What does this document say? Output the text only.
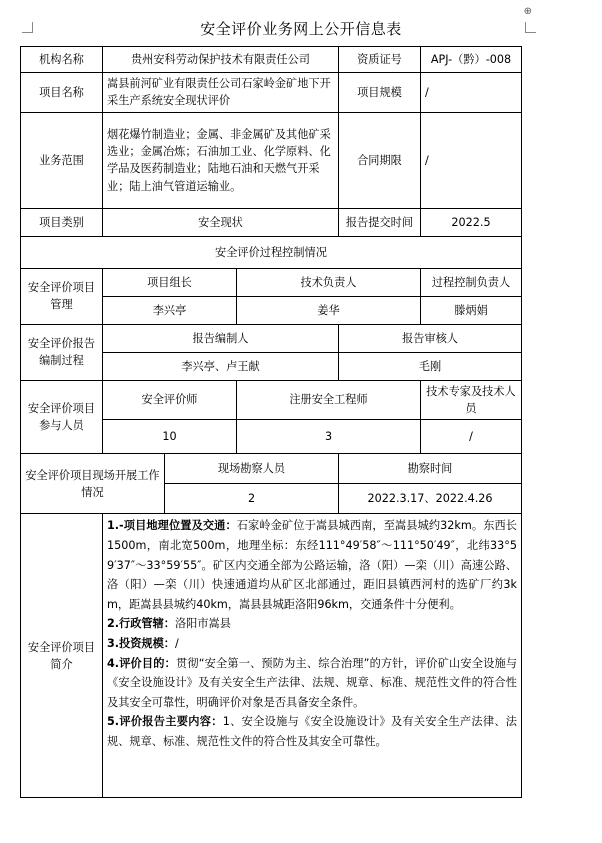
⊕
安全评价业务网上公开信息表
机构名称	贵州安科劳动保护技术有限责任公司			资质证号	APJ-（黔）-008
项目名称	嵩县前河矿业有限责任公司石家岭金矿地下开采生产系统安全现状评价			项目规模	/
业务范围	烟花爆竹制造业；金属、非金属矿及其他矿采选业；金属冶炼；石油加工业、化学原料、化学品及医药制造业；陆地石油和天燃气开采业；陆上油气管道运输业。			合同期限	/
项目类别	安全现状			报告提交时间	2022.5
安全评价过程控制情况					
安全评价项目管理	项目组长		技术负责人		过程控制负责人
	李兴亭		姜华		滕炳娟
安全评价报告编制过程	报告编制人			报告审核人	
	李兴亭、卢王献			毛刚	
安全评价项目参与人员	安全评价师		注册安全工程师		技术专家及技术人员
	10		3		/
安全评价项目现场开展工作情况		现场勘察人员		勘察时间	
		2		2022.3.17、2022.4.26	
安全评价项目简介	1.-项目地理位置及交通：石家岭金矿位于嵩县城西南，至嵩县城约32km。东西长1500m，南北宽500m，地理坐标：东经111°49′58″～111°50′49″，北纬33°59′37″～33°59′55″。矿区内交通全部为公路运输，洛（阳）—栾（川）高速公路、洛（阳）—栾（川）快速通道均从矿区北部通过，距旧县镇西河村的选矿厂约3km，距嵩县县城约40km，嵩县县城距洛阳96km，交通条件十分便利。

2.行政管辖：洛阳市嵩县

3.投资规模：/

4.评价目的：贯彻“安全第一、预防为主、综合治理”的方针，评价矿山安全设施与《安全设施设计》及有关安全生产法律、法规、规章、标准、规范性文件的符合性及其安全可靠性，明确评价对象是否具备安全条件。

5.评价报告主要内容：1、安全设施与《安全设施设计》及有关安全生产法律、法规、规章、标准、规范性文件的符合性及其安全可靠性。				
